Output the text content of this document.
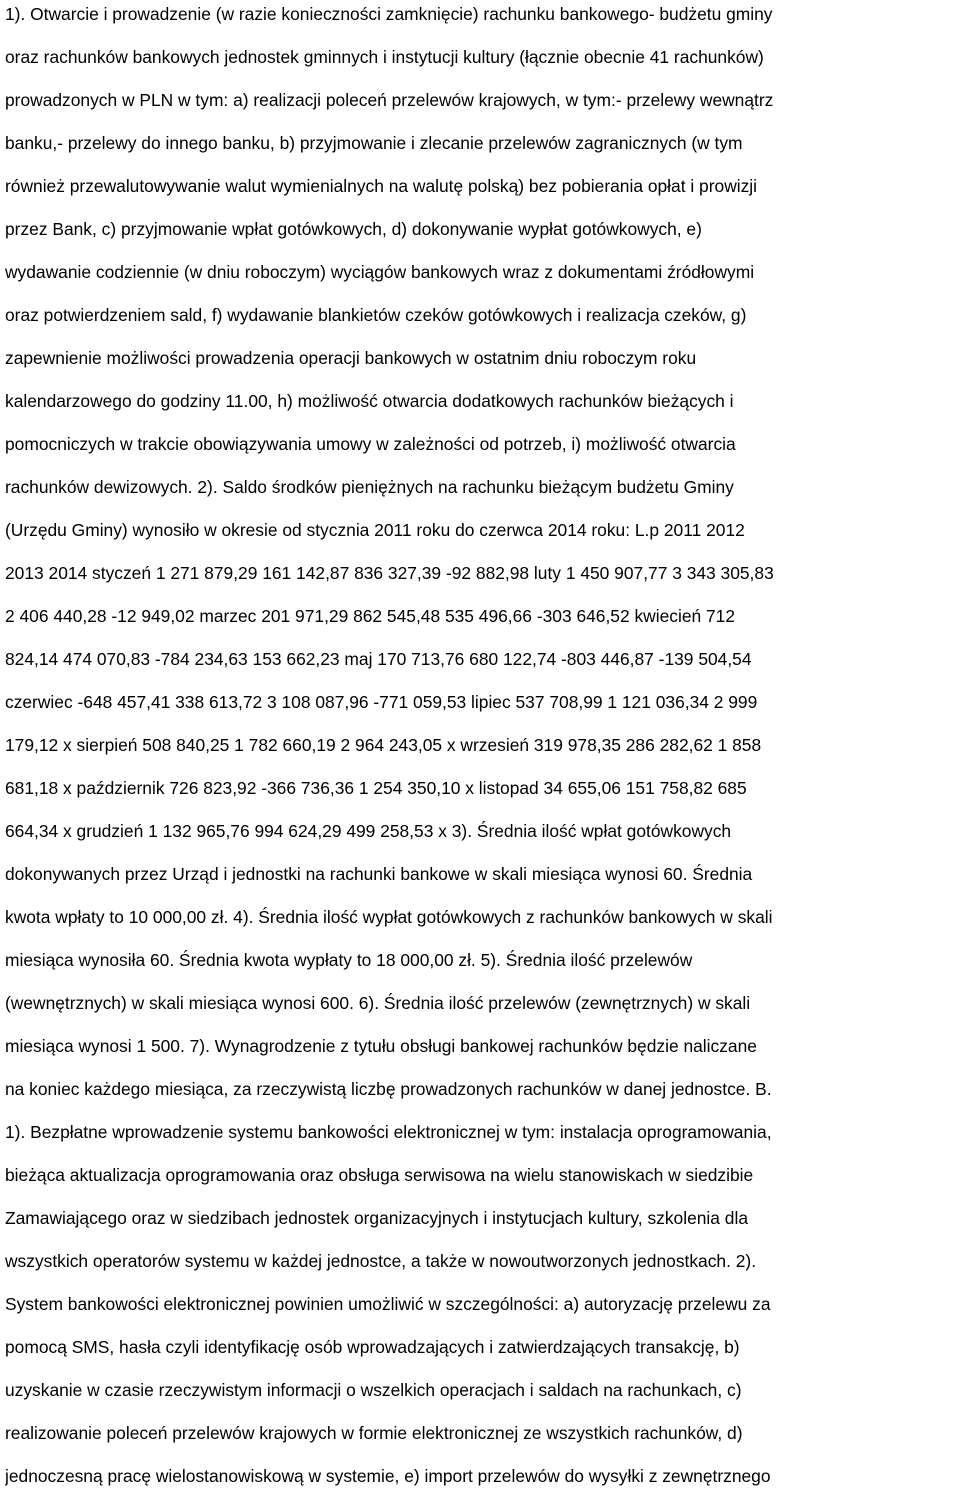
1). Otwarcie i prowadzenie (w razie konieczności zamknięcie) rachunku bankowego- budżetu gminy
oraz rachunków bankowych jednostek gminnych i instytucji kultury (łącznie obecnie 41 rachunków)
prowadzonych w PLN w tym: a) realizacji poleceń przelewów krajowych, w tym:- przelewy wewnątrz
banku,- przelewy do innego banku, b) przyjmowanie i zlecanie przelewów zagranicznych (w tym
również przewalutowywanie walut wymienialnych na walutę polską) bez pobierania opłat i prowizji
przez Bank, c) przyjmowanie wpłat gotówkowych, d) dokonywanie wypłat gotówkowych, e)
wydawanie codziennie (w dniu roboczym) wyciągów bankowych wraz z dokumentami źródłowymi
oraz potwierdzeniem sald, f) wydawanie blankietów czeków gotówkowych i realizacja czeków, g)
zapewnienie możliwości prowadzenia operacji bankowych w ostatnim dniu roboczym roku
kalendarzowego do godziny 11.00, h) możliwość otwarcia dodatkowych rachunków bieżących i
pomocniczych w trakcie obowiązywania umowy w zależności od potrzeb, i) możliwość otwarcia
rachunków dewizowych. 2). Saldo środków pieniężnych na rachunku bieżącym budżetu Gminy
(Urzędu Gminy) wynosiło w okresie od stycznia 2011 roku do czerwca 2014 roku: L.p 2011 2012
2013 2014 styczeń 1 271 879,29 161 142,87 836 327,39 -92 882,98 luty 1 450 907,77 3 343 305,83
2 406 440,28 -12 949,02 marzec 201 971,29 862 545,48 535 496,66 -303 646,52 kwiecień 712
824,14 474 070,83 -784 234,63 153 662,23 maj 170 713,76 680 122,74 -803 446,87 -139 504,54
czerwiec -648 457,41 338 613,72 3 108 087,96 -771 059,53 lipiec 537 708,99 1 121 036,34 2 999
179,12 x sierpień 508 840,25 1 782 660,19 2 964 243,05 x wrzesień 319 978,35 286 282,62 1 858
681,18 x październik 726 823,92 -366 736,36 1 254 350,10 x listopad 34 655,06 151 758,82 685
664,34 x grudzień 1 132 965,76 994 624,29 499 258,53 x 3). Średnia ilość wpłat gotówkowych
dokonywanych przez Urząd i jednostki na rachunki bankowe w skali miesiąca wynosi 60. Średnia
kwota wpłaty to 10 000,00 zł. 4). Średnia ilość wypłat gotówkowych z rachunków bankowych w skali
miesiąca wynosiła 60. Średnia kwota wypłaty to 18 000,00 zł. 5). Średnia ilość przelewów
(wewnętrznych) w skali miesiąca wynosi 600. 6). Średnia ilość przelewów (zewnętrznych) w skali
miesiąca wynosi 1 500. 7). Wynagrodzenie z tytułu obsługi bankowej rachunków będzie naliczane
na koniec każdego miesiąca, za rzeczywistą liczbę prowadzonych rachunków w danej jednostce. B.
1). Bezpłatne wprowadzenie systemu bankowości elektronicznej w tym: instalacja oprogramowania,
bieżąca aktualizacja oprogramowania oraz obsługa serwisowa na wielu stanowiskach w siedzibie
Zamawiającego oraz w siedzibach jednostek organizacyjnych i instytucjach kultury, szkolenia dla
wszystkich operatorów systemu w każdej jednostce, a także w nowoutworzonych jednostkach. 2).
System bankowości elektronicznej powinien umożliwić w szczególności: a) autoryzację przelewu za
pomocą SMS, hasła czyli identyfikację osób wprowadzających i zatwierdzających transakcję, b)
uzyskanie w czasie rzeczywistym informacji o wszelkich operacjach i saldach na rachunkach, c)
realizowanie poleceń przelewów krajowych w formie elektronicznej ze wszystkich rachunków, d)
jednoczesną pracę wielostanowiskową w systemie, e) import przelewów do wysyłki z zewnętrznego
